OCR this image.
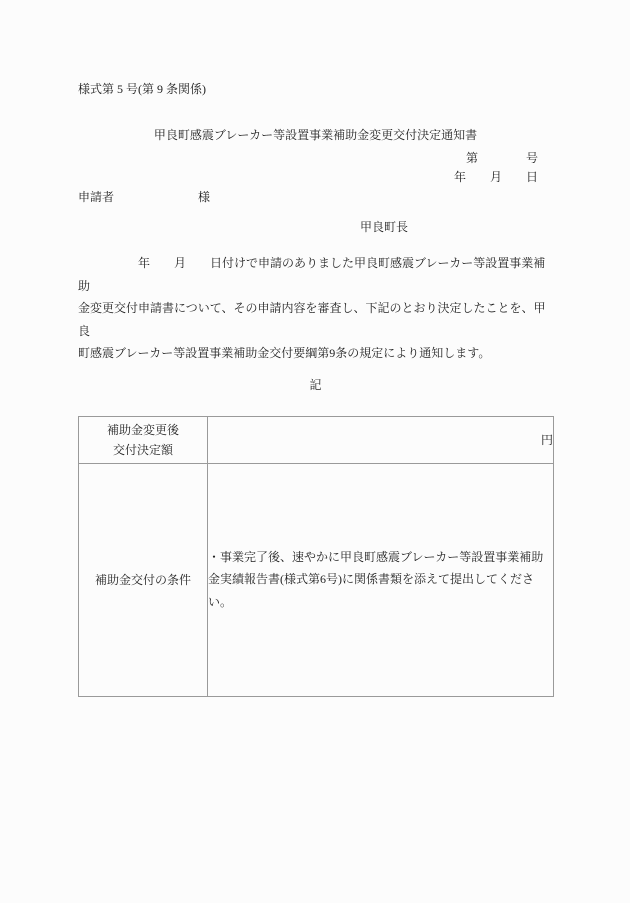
様式第 5 号(第 9 条関係)
甲良町感震ブレーカー等設置事業補助金変更交付決定通知書
第　　　　号
年　　月　　日
申請者　　　　　　　様
甲良町長
　　　　　年　　月　　日付けで申請のありました甲良町感震ブレーカー等設置事業補助
金変更交付申請書について、その申請内容を審査し、下記のとおり決定したことを、甲良
町感震ブレーカー等設置事業補助金交付要綱第9条の規定により通知します。
記
補助金変更後
交付決定額	円
補助金交付の条件	・事業完了後、速やかに甲良町感震ブレーカー等設置事業補助
金実績報告書(様式第6号)に関係書類を添えて提出してくださ
い。
